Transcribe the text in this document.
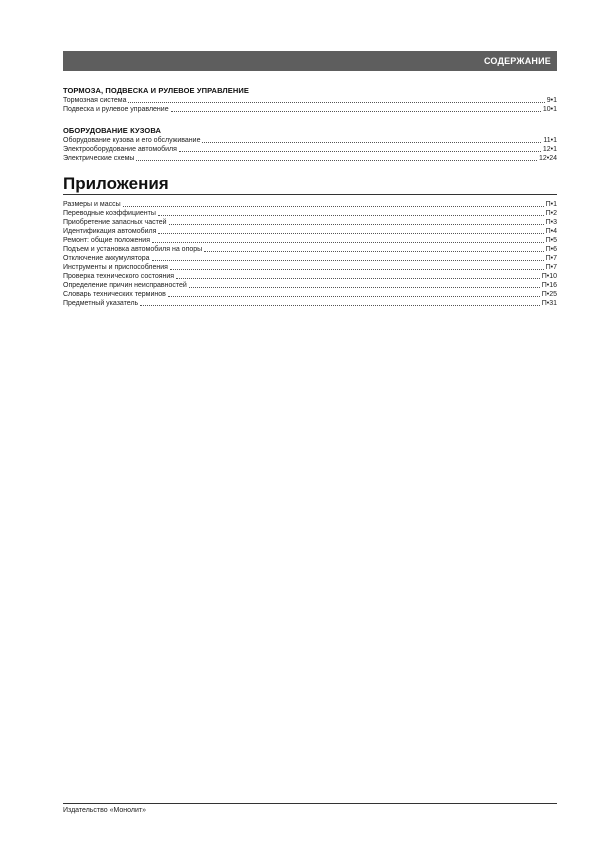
СОДЕРЖАНИЕ
ТОРМОЗА, ПОДВЕСКА И РУЛЕВОЕ УПРАВЛЕНИЕ
Тормозная система	9•1
Подвеска и рулевое управление	10•1
ОБОРУДОВАНИЕ КУЗОВА
Оборудование кузова и его обслуживание	11•1
Электрооборудование автомобиля	12•1
Электрические схемы	12•24
Приложения
Размеры и массы	П•1
Переводные коэффициенты	П•2
Приобретение запасных частей	П•3
Идентификация автомобиля	П•4
Ремонт: общие положения	П•5
Подъем и установка автомобиля на опоры	П•6
Отключение аккумулятора	П•7
Инструменты и приспособления	П•7
Проверка технического состояния	П•10
Определение причин неисправностей	П•16
Словарь технических терминов	П•25
Предметный указатель	П•31
Издательство «Монолит»
